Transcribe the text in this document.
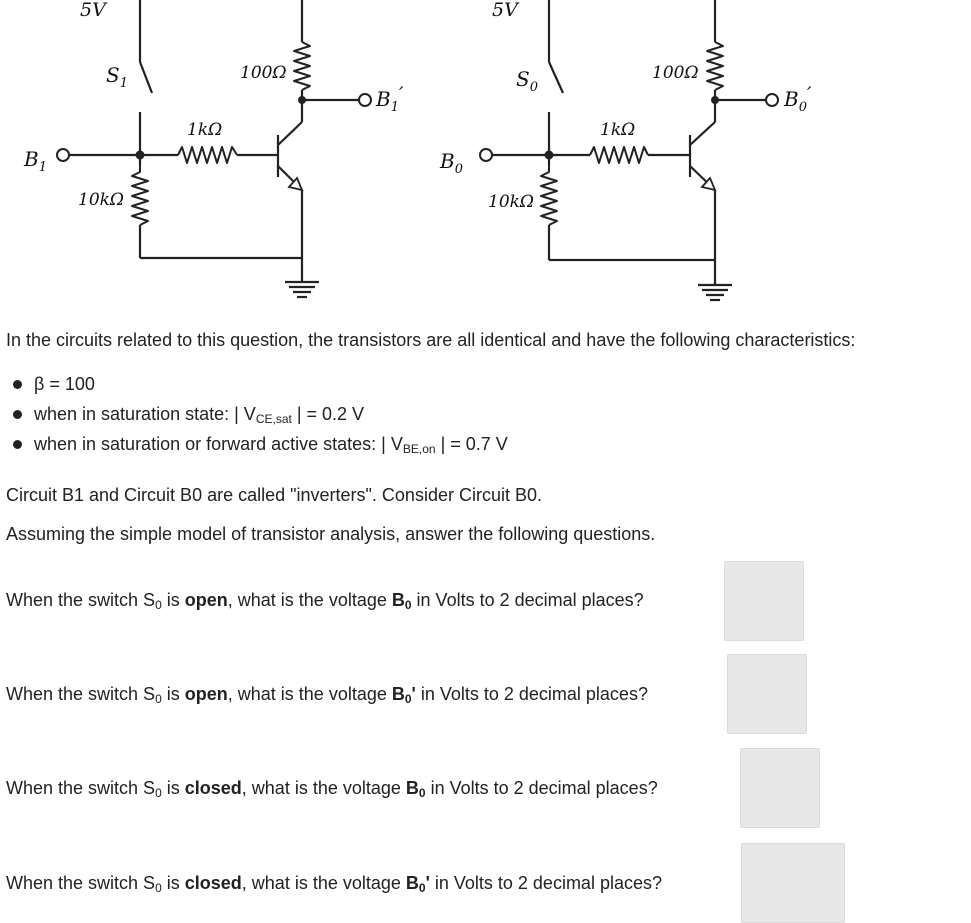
5V
$S_1$
$B_1$
1kΩ
10kΩ
100Ω
$B_1'$
5V
$S_0$
$B_0$
1kΩ
10kΩ
100Ω
$B_0'$
In the circuits related to this question, the transistors are all identical and have the following characteristics:
β = 100
when in saturation state: | $V_{CE,sat}$ | = 0.2 V
when in saturation or forward active states: | $V_{BE,on}$ | = 0.7 V
Circuit B1 and Circuit B0 are called "inverters". Consider Circuit B0.
Assuming the simple model of transistor analysis, answer the following questions.
When the switch $S_0$ is open, what is the voltage $B_0$ in Volts to 2 decimal places?
When the switch $S_0$ is open, what is the voltage $B_0'$ in Volts to 2 decimal places?
When the switch $S_0$ is closed, what is the voltage $B_0$ in Volts to 2 decimal places?
When the switch $S_0$ is closed, what is the voltage $B_0'$ in Volts to 2 decimal places?
